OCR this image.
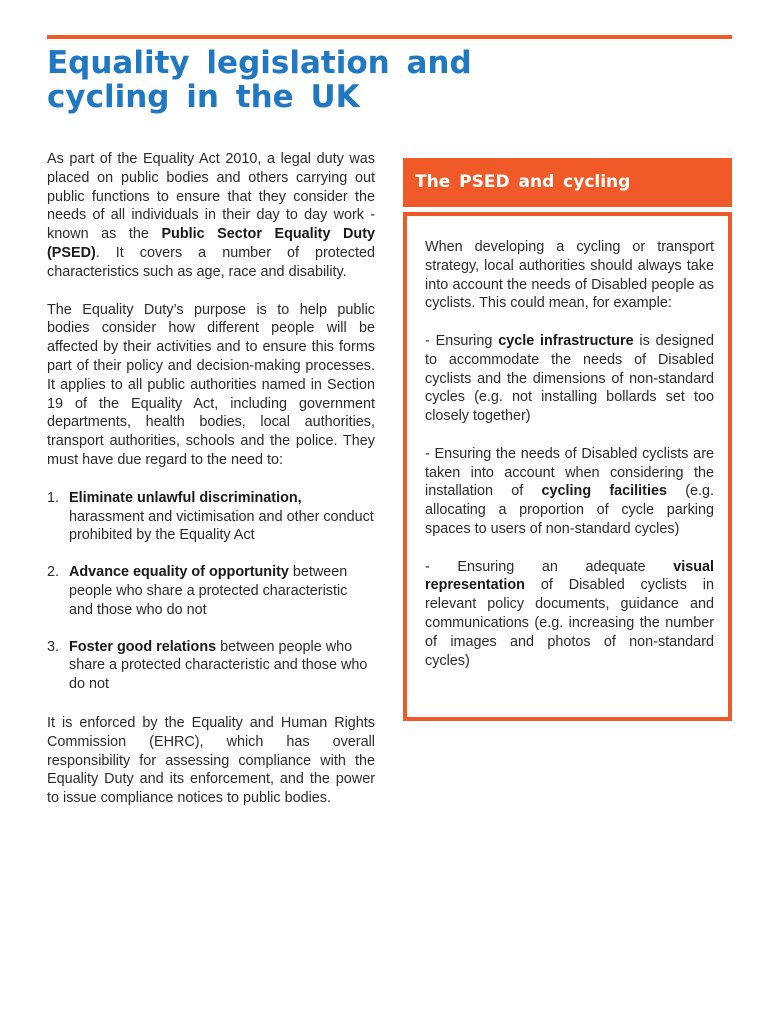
Equality legislation and cycling in the UK

As part of the Equality Act 2010, a legal duty was placed on public bodies and others carrying out public functions to ensure that they consider the needs of all individuals in their day to day work - known as the Public Sector Equality Duty (PSED). It covers a number of protected characteristics such as age, race and disability.

The Equality Duty’s purpose is to help public bodies consider how different people will be affected by their activities and to ensure this forms part of their policy and decision-making processes. It applies to all public authorities named in Section 19 of the Equality Act, including government departments, health bodies, local authorities, transport authorities, schools and the police. They must have due regard to the need to:

1. Eliminate unlawful discrimination, harassment and victimisation and other conduct prohibited by the Equality Act
2. Advance equality of opportunity between people who share a protected characteristic and those who do not
3. Foster good relations between people who share a protected characteristic and those who do not

It is enforced by the Equality and Human Rights Commission (EHRC), which has overall responsibility for assessing compliance with the Equality Duty and its enforcement, and the power to issue compliance notices to public bodies.

The PSED and cycling

When developing a cycling or transport strategy, local authorities should always take into account the needs of Disabled people as cyclists. This could mean, for example:

- Ensuring cycle infrastructure is designed to accommodate the needs of Disabled cyclists and the dimensions of non-standard cycles (e.g. not installing bollards set too closely together)

- Ensuring the needs of Disabled cyclists are taken into account when considering the installation of cycling facilities (e.g. allocating a proportion of cycle parking spaces to users of non-standard cycles)

- Ensuring an adequate visual representation of Disabled cyclists in relevant policy documents, guidance and communications (e.g. increasing the number of images and photos of non-standard cycles)
